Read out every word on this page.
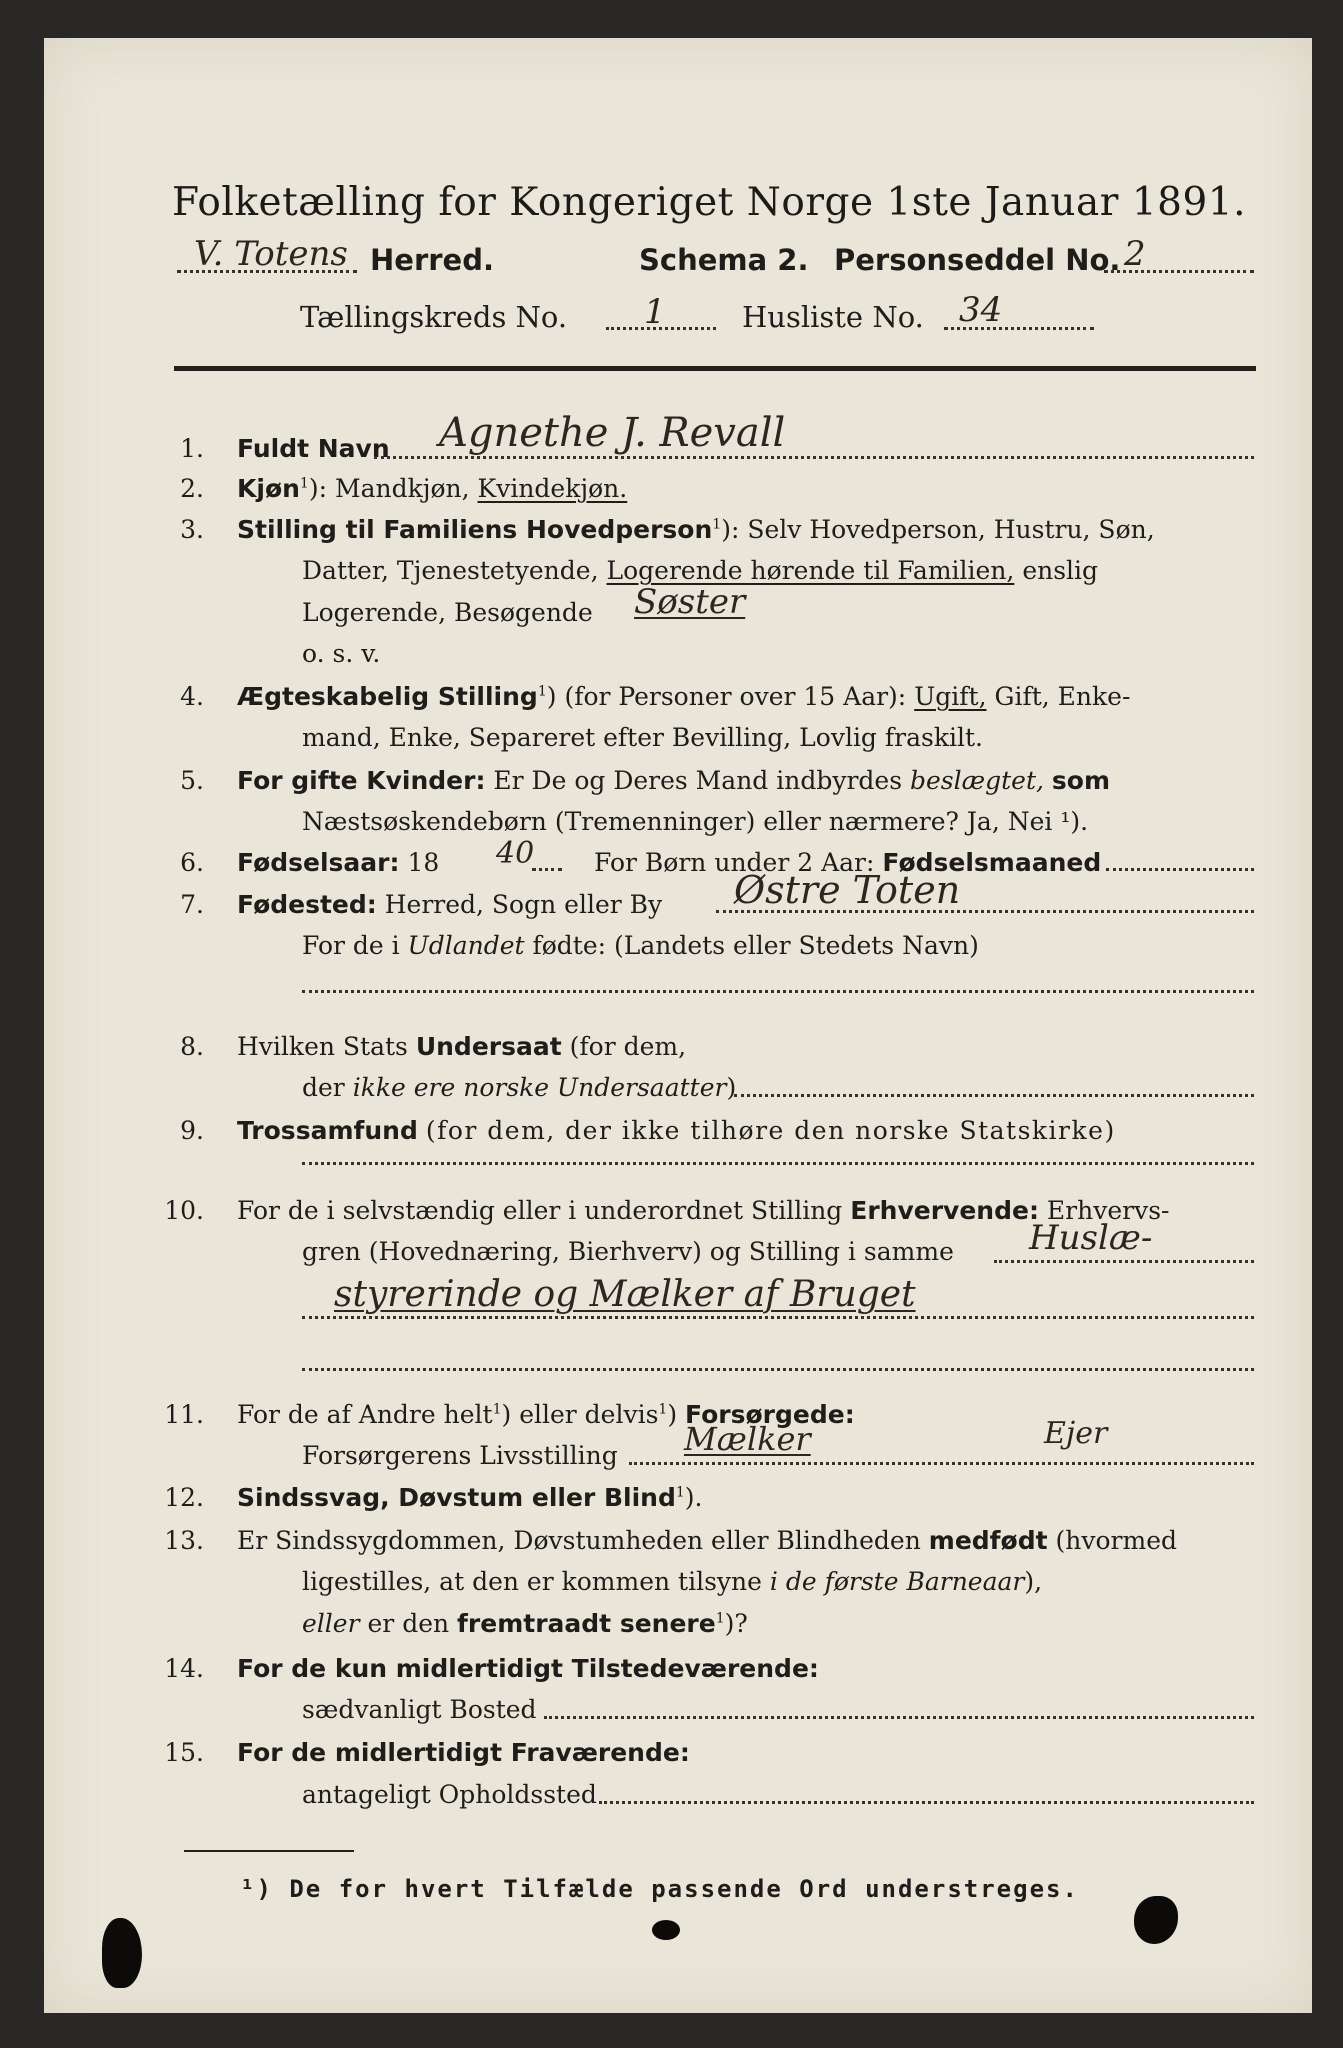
Folketælling for Kongeriget Norge 1ste Januar 1891.
V. Totens Herred.	Schema 2. Personseddel No. 2
Tællingskreds No. 1	Husliste No. 34
1. Fuldt Navn Agnethe J. Revall
2. Kjøn$^1$): Mandkjøn, Kvindekjøn.
3. Stilling til Familiens Hovedperson$^1$): Selv Hovedperson, Hustru, Søn,
Datter, Tjenestetyende, Logerende hørende til Familien, enslig
Logerende, Besøgende Søster
o. s. v.
4. Ægteskabelig Stilling$^1$) (for Personer over 15 Aar): Ugift, Gift, Enke-
mand, Enke, Separeret efter Bevilling, Lovlig fraskilt.
5. For gifte Kvinder: Er De og Deres Mand indbyrdes beslægtet, som
Næstsøskendebørn (Tremenninger) eller nærmere? Ja, Nei ¹).
6. Fødselsaar: 18 40 For Børn under 2 Aar: Fødselsmaaned
7. Fødested: Herred, Sogn eller By Østre Toten
For de i Udlandet fødte: (Landets eller Stedets Navn)
8. Hvilken Stats Undersaat (for dem,
der ikke ere norske Undersaatter)
9. Trossamfund (for dem, der ikke tilhøre den norske Statskirke)
10. For de i selvstændig eller i underordnet Stilling Erhvervende: Erhvervs-
gren (Hovednæring, Bierhverv) og Stilling i samme Huslæ-
styrerinde og Mælker af Bruget
11. For de af Andre helt$^1$) eller delvis$^1$) Forsørgede:
Forsørgerens Livsstilling Mælker	Ejer
12. Sindssvag, Døvstum eller Blind$^1$).
13. Er Sindssygdommen, Døvstumheden eller Blindheden medfødt (hvormed
ligestilles, at den er kommen tilsyne i de første Barneaar),
eller er den fremtraadt senere$^1$)?
14. For de kun midlertidigt Tilstedeværende:
sædvanligt Bosted
15. For de midlertidigt Fraværende:
antageligt Opholdssted
¹) De for hvert Tilfælde passende Ord understreges.
